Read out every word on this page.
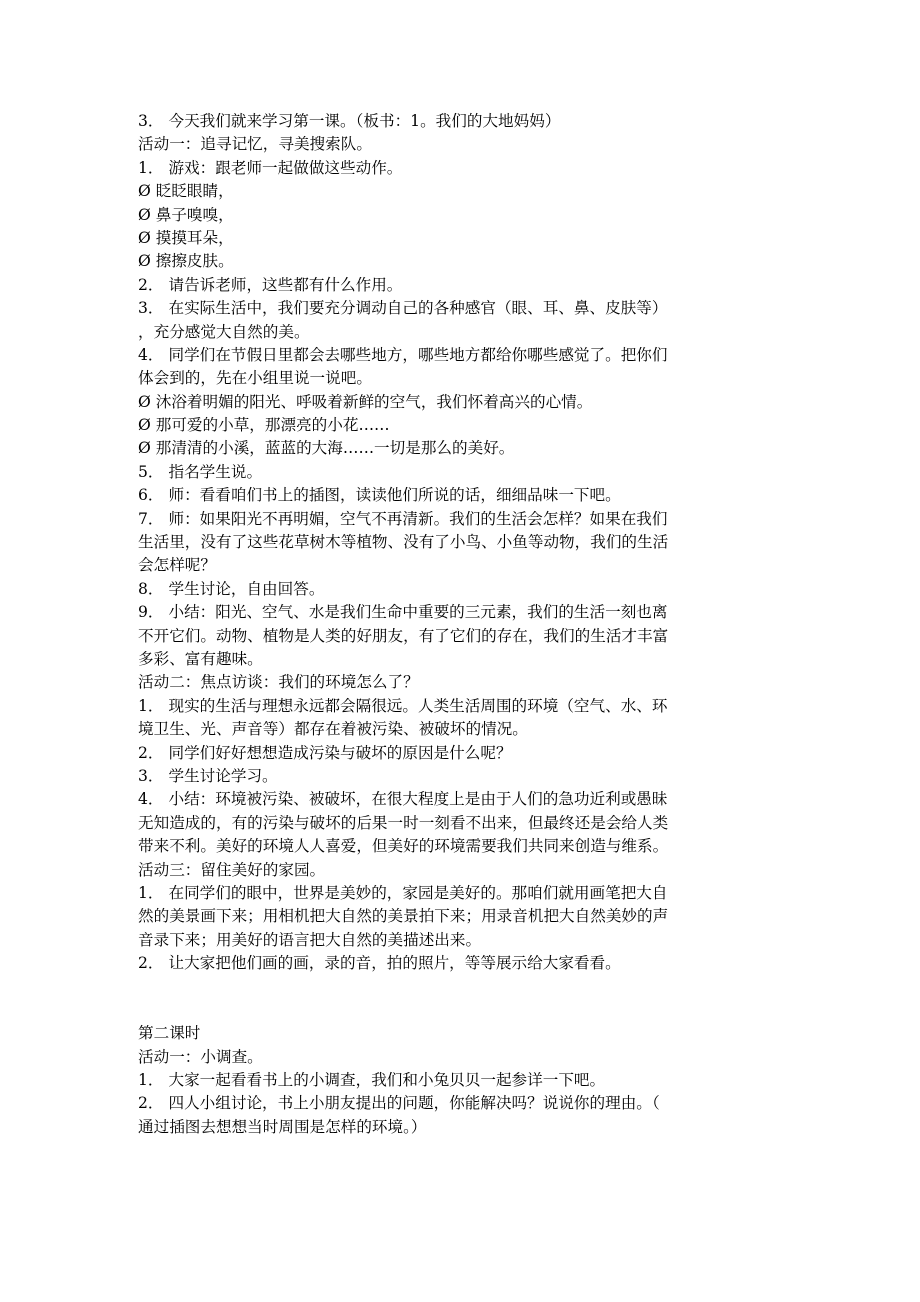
3． 今天我们就来学习第一课。（板书：1。我们的大地妈妈）
活动一：追寻记忆，寻美搜索队。
1． 游戏：跟老师一起做做这些动作。
Ø 眨眨眼睛，
Ø 鼻子嗅嗅，
Ø 摸摸耳朵，
Ø 擦擦皮肤。
2． 请告诉老师，这些都有什么作用。
3． 在实际生活中，我们要充分调动自己的各种感官（眼、耳、鼻、皮肤等）
，充分感觉大自然的美。
4． 同学们在节假日里都会去哪些地方，哪些地方都给你哪些感觉了。把你们
体会到的，先在小组里说一说吧。
Ø 沐浴着明媚的阳光、呼吸着新鲜的空气，我们怀着高兴的心情。
Ø 那可爱的小草，那漂亮的小花……
Ø 那清清的小溪，蓝蓝的大海……一切是那么的美好。
5． 指名学生说。
6． 师：看看咱们书上的插图，读读他们所说的话，细细品味一下吧。
7． 师：如果阳光不再明媚，空气不再清新。我们的生活会怎样？如果在我们
生活里，没有了这些花草树木等植物、没有了小鸟、小鱼等动物，我们的生活
会怎样呢？
8． 学生讨论，自由回答。
9． 小结：阳光、空气、水是我们生命中重要的三元素，我们的生活一刻也离
不开它们。动物、植物是人类的好朋友，有了它们的存在，我们的生活才丰富
多彩、富有趣味。
活动二：焦点访谈：我们的环境怎么了？
1． 现实的生活与理想永远都会隔很远。人类生活周围的环境（空气、水、环
境卫生、光、声音等）都存在着被污染、被破坏的情况。
2． 同学们好好想想造成污染与破坏的原因是什么呢？
3． 学生讨论学习。
4． 小结：环境被污染、被破坏，在很大程度上是由于人们的急功近利或愚昧
无知造成的，有的污染与破坏的后果一时一刻看不出来，但最终还是会给人类
带来不利。美好的环境人人喜爱，但美好的环境需要我们共同来创造与维系。
活动三：留住美好的家园。
1． 在同学们的眼中，世界是美妙的，家园是美好的。那咱们就用画笔把大自
然的美景画下来；用相机把大自然的美景拍下来；用录音机把大自然美妙的声
音录下来；用美好的语言把大自然的美描述出来。
2． 让大家把他们画的画，录的音，拍的照片，等等展示给大家看看。
第二课时
活动一：小调查。
1． 大家一起看看书上的小调查，我们和小兔贝贝一起参详一下吧。
2． 四人小组讨论，书上小朋友提出的问题，你能解决吗？说说你的理由。（
通过插图去想想当时周围是怎样的环境。）
